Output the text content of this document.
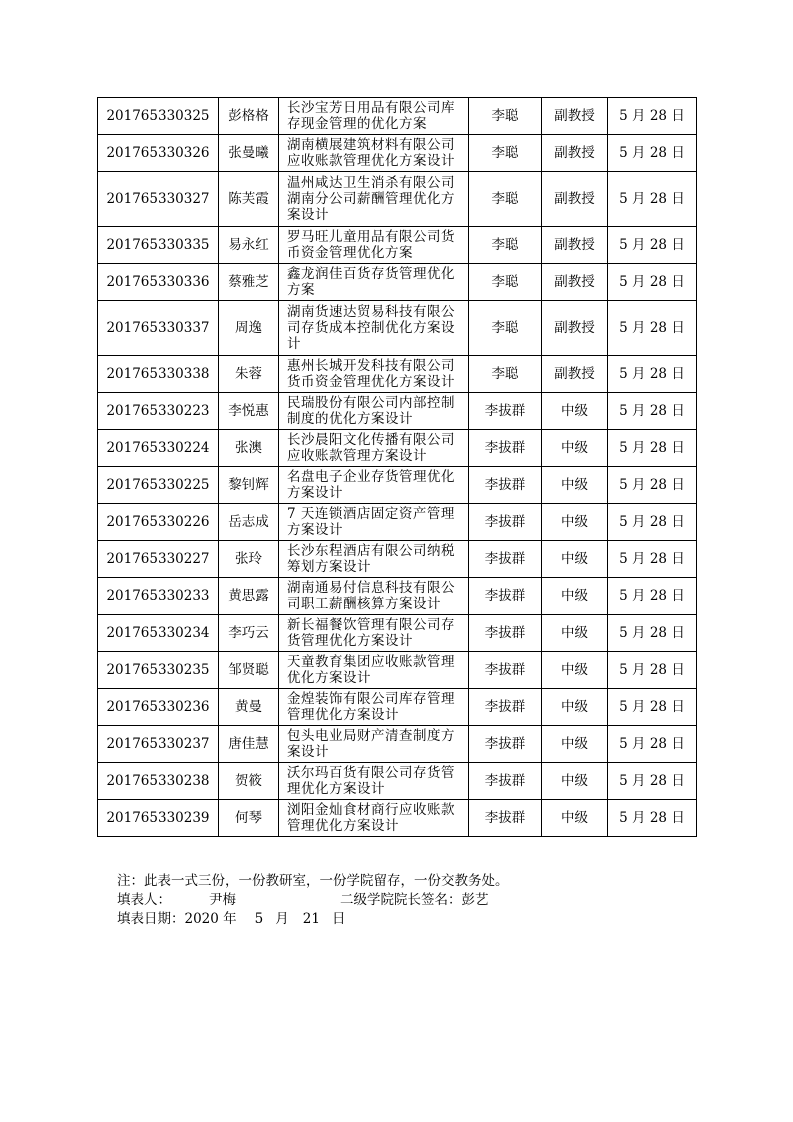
201765330325	彭格格	长沙宝芳日用品有限公司库
存现金管理的优化方案	李聪	副教授	5 月 28 日
201765330326	张曼曦	湖南横展建筑材料有限公司
应收账款管理优化方案设计	李聪	副教授	5 月 28 日
201765330327	陈芙霞	温州咸达卫生消杀有限公司
湖南分公司薪酬管理优化方
案设计	李聪	副教授	5 月 28 日
201765330335	易永红	罗马旺儿童用品有限公司货
币资金管理优化方案	李聪	副教授	5 月 28 日
201765330336	蔡雅芝	鑫龙润佳百货存货管理优化
方案	李聪	副教授	5 月 28 日
201765330337	周逸	湖南货速达贸易科技有限公
司存货成本控制优化方案设
计	李聪	副教授	5 月 28 日
201765330338	朱蓉	惠州长城开发科技有限公司
货币资金管理优化方案设计	李聪	副教授	5 月 28 日
201765330223	李悦惠	民瑞股份有限公司内部控制
制度的优化方案设计	李拔群	中级	5 月 28 日
201765330224	张澳	长沙晨阳文化传播有限公司
应收账款管理方案设计	李拔群	中级	5 月 28 日
201765330225	黎钊辉	名盘电子企业存货管理优化
方案设计	李拔群	中级	5 月 28 日
201765330226	岳志成	7 天连锁酒店固定资产管理
方案设计	李拔群	中级	5 月 28 日
201765330227	张玲	长沙东程酒店有限公司纳税
筹划方案设计	李拔群	中级	5 月 28 日
201765330233	黄思露	湖南通易付信息科技有限公
司职工薪酬核算方案设计	李拔群	中级	5 月 28 日
201765330234	李巧云	新长福餐饮管理有限公司存
货管理优化方案设计	李拔群	中级	5 月 28 日
201765330235	邹贤聪	天童教育集团应收账款管理
优化方案设计	李拔群	中级	5 月 28 日
201765330236	黄曼	金煌装饰有限公司库存管理
管理优化方案设计	李拔群	中级	5 月 28 日
201765330237	唐佳慧	包头电业局财产清查制度方
案设计	李拔群	中级	5 月 28 日
201765330238	贺筱	沃尔玛百货有限公司存货管
理优化方案设计	李拔群	中级	5 月 28 日
201765330239	何琴	浏阳金灿食材商行应收账款
管理优化方案设计	李拔群	中级	5 月 28 日
注：此表一式三份，一份教研室，一份学院留存，一份交教务处。
填表人：	尹梅	二级学院院长签名：彭艺
填表日期：2020 年 5 月 21 日
